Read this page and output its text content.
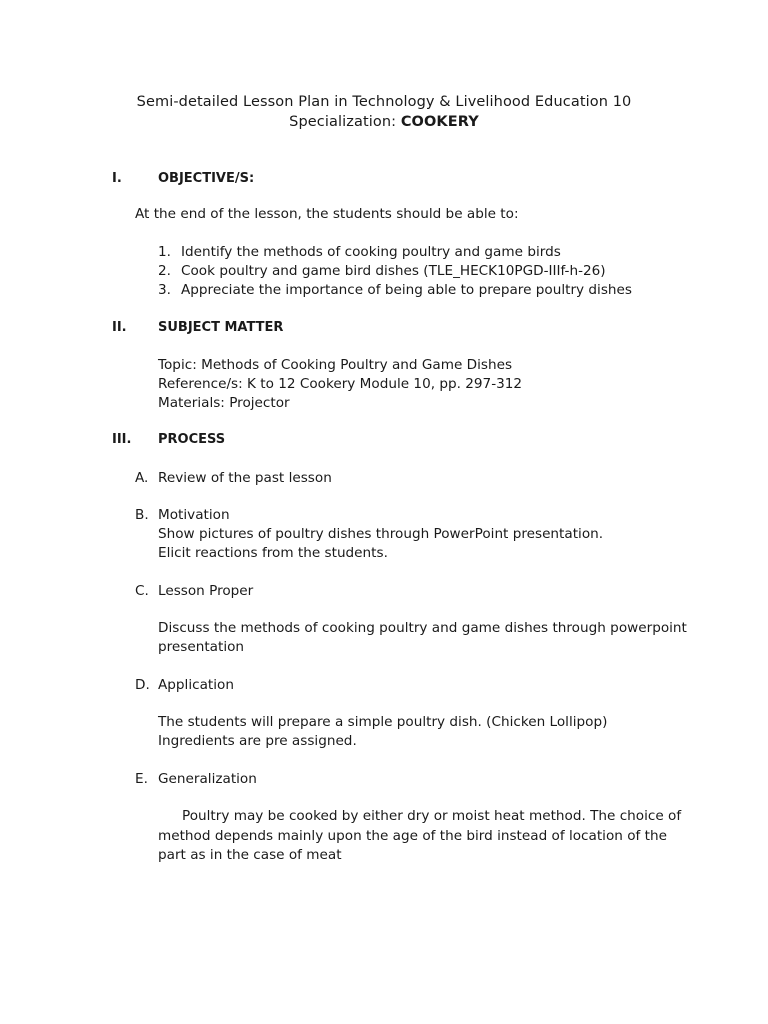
Semi-detailed Lesson Plan in Technology & Livelihood Education 10
Specialization: COOKERY
I.	OBJECTIVE/S:
At the end of the lesson, the students should be able to:
1. Identify the methods of cooking poultry and game birds
2. Cook poultry and game bird dishes (TLE_HECK10PGD-IIIf-h-26)
3. Appreciate the importance of being able to prepare poultry dishes
II. SUBJECT MATTER
Topic: Methods of Cooking Poultry and Game Dishes
Reference/s: K to 12 Cookery Module 10, pp. 297-312
Materials: Projector
III. PROCESS
A. Review of the past lesson
B. Motivation
Show pictures of poultry dishes through PowerPoint presentation.
Elicit reactions from the students.
C. Lesson Proper
Discuss the methods of cooking poultry and game dishes through powerpoint
presentation
D. Application
The students will prepare a simple poultry dish. (Chicken Lollipop)
Ingredients are pre assigned.
E. Generalization
Poultry may be cooked by either dry or moist heat method. The choice of
method depends mainly upon the age of the bird instead of location of the
part as in the case of meat
